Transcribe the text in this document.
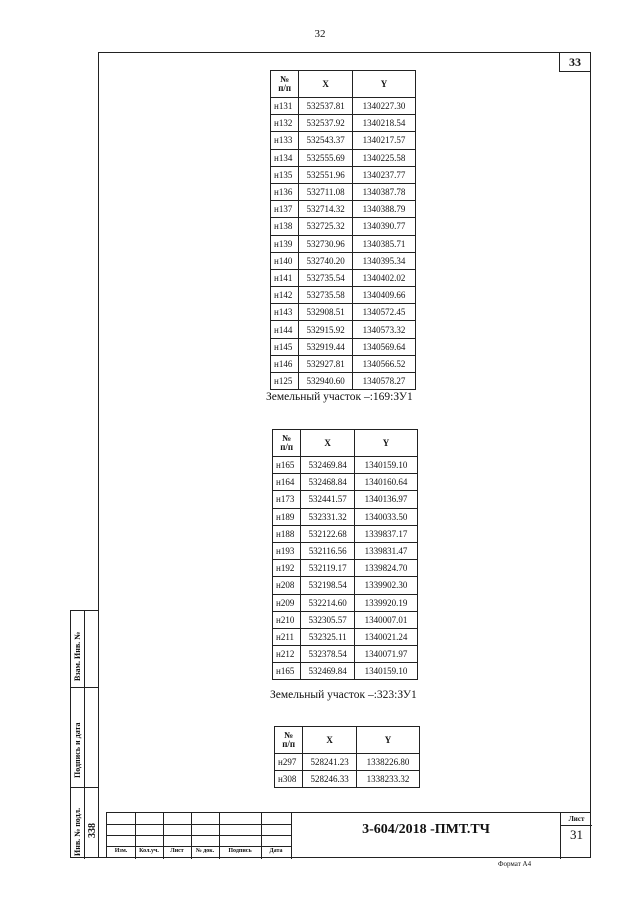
32
33
№
п/п	X	Y
н131	532537.81	1340227.30
н132	532537.92	1340218.54
н133	532543.37	1340217.57
н134	532555.69	1340225.58
н135	532551.96	1340237.77
н136	532711.08	1340387.78
н137	532714.32	1340388.79
н138	532725.32	1340390.77
н139	532730.96	1340385.71
н140	532740.20	1340395.34
н141	532735.54	1340402.02
н142	532735.58	1340409.66
н143	532908.51	1340572.45
н144	532915.92	1340573.32
н145	532919.44	1340569.64
н146	532927.81	1340566.52
н125	532940.60	1340578.27
Земельный участок –:169:ЗУ1
№
п/п	X	Y
н165	532469.84	1340159.10
н164	532468.84	1340160.64
н173	532441.57	1340136.97
н189	532331.32	1340033.50
н188	532122.68	1339837.17
н193	532116.56	1339831.47
н192	532119.17	1339824.70
н208	532198.54	1339902.30
н209	532214.60	1339920.19
н210	532305.57	1340007.01
н211	532325.11	1340021.24
н212	532378.54	1340071.97
н165	532469.84	1340159.10
Земельный участок –:323:ЗУ1
№
п/п	X	Y
н297	528241.23	1338226.80
н308	528246.33	1338233.32
Взам. Инв. №
Подпись и дата
Инв. № подл. 338
Изм.	Кол.уч.	Лист	№ док.	Подпись	Дата
3-604/2018 -ПМТ.ТЧ
Лист
31
Формат А4
